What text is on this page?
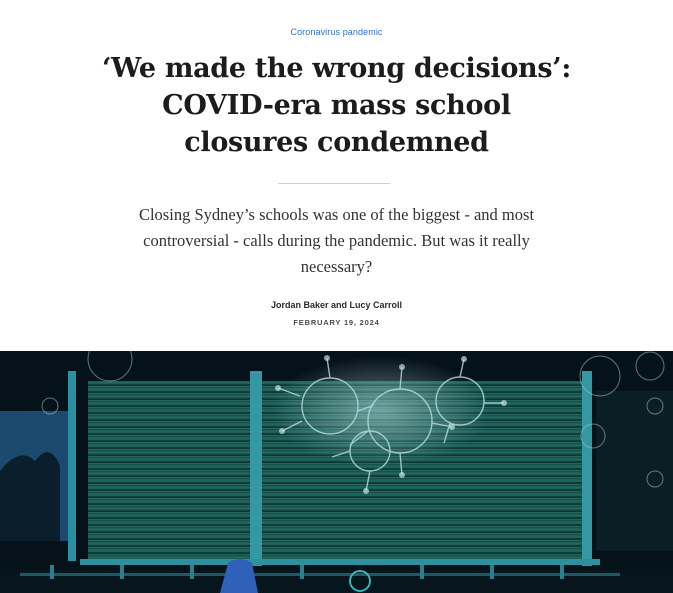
Coronavirus pandemic
‘We made the wrong decisions’: COVID-era mass school closures condemned

Closing Sydney’s schools was one of the biggest - and most controversial - calls during the pandemic. But was it really necessary?

Jordan Baker and Lucy Carroll
FEBRUARY 19, 2024
